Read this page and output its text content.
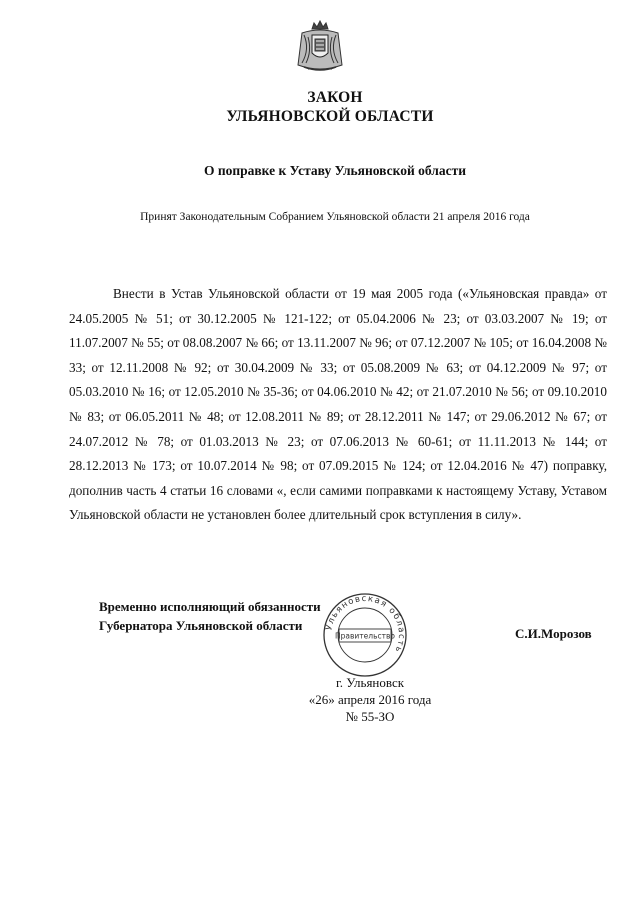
ЗАКОН
УЛЬЯНОВСКОЙ ОБЛАСТИ
О поправке к Уставу Ульяновской области
Принят Законодательным Собранием Ульяновской области 21 апреля 2016 года

Внести в Устав Ульяновской области от 19 мая 2005 года («Ульяновская правда» от 24.05.2005 № 51; от 30.12.2005 № 121-122; от 05.04.2006 № 23; от 03.03.2007 № 19; от 11.07.2007 № 55; от 08.08.2007 № 66; от 13.11.2007 № 96; от 07.12.2007 № 105; от 16.04.2008 № 33; от 12.11.2008 № 92; от 30.04.2009 № 33; от 05.08.2009 № 63; от 04.12.2009 № 97; от 05.03.2010 № 16; от 12.05.2010 № 35-36; от 04.06.2010 № 42; от 21.07.2010 № 56; от 09.10.2010 № 83; от 06.05.2011 № 48; от 12.08.2011 № 89; от 28.12.2011 № 147; от 29.06.2012 № 67; от 24.07.2012 № 78; от 01.03.2013 № 23; от 07.06.2013 № 60-61; от 11.11.2013 № 144; от 28.12.2013 № 173; от 10.07.2014 № 98; от 07.09.2015 № 124; от 12.04.2016 № 47) поправку, дополнив часть 4 статьи 16 словами «, если самими поправками к настоящему Уставу, Уставом Ульяновской области не установлен более длительный срок вступления в силу».

Временно исполняющий обязанности
Губернатора Ульяновской области	Ульяновская область
Правительство	С.И.Морозов
г. Ульяновск
«26» апреля 2016 года
№ 55-ЗО
